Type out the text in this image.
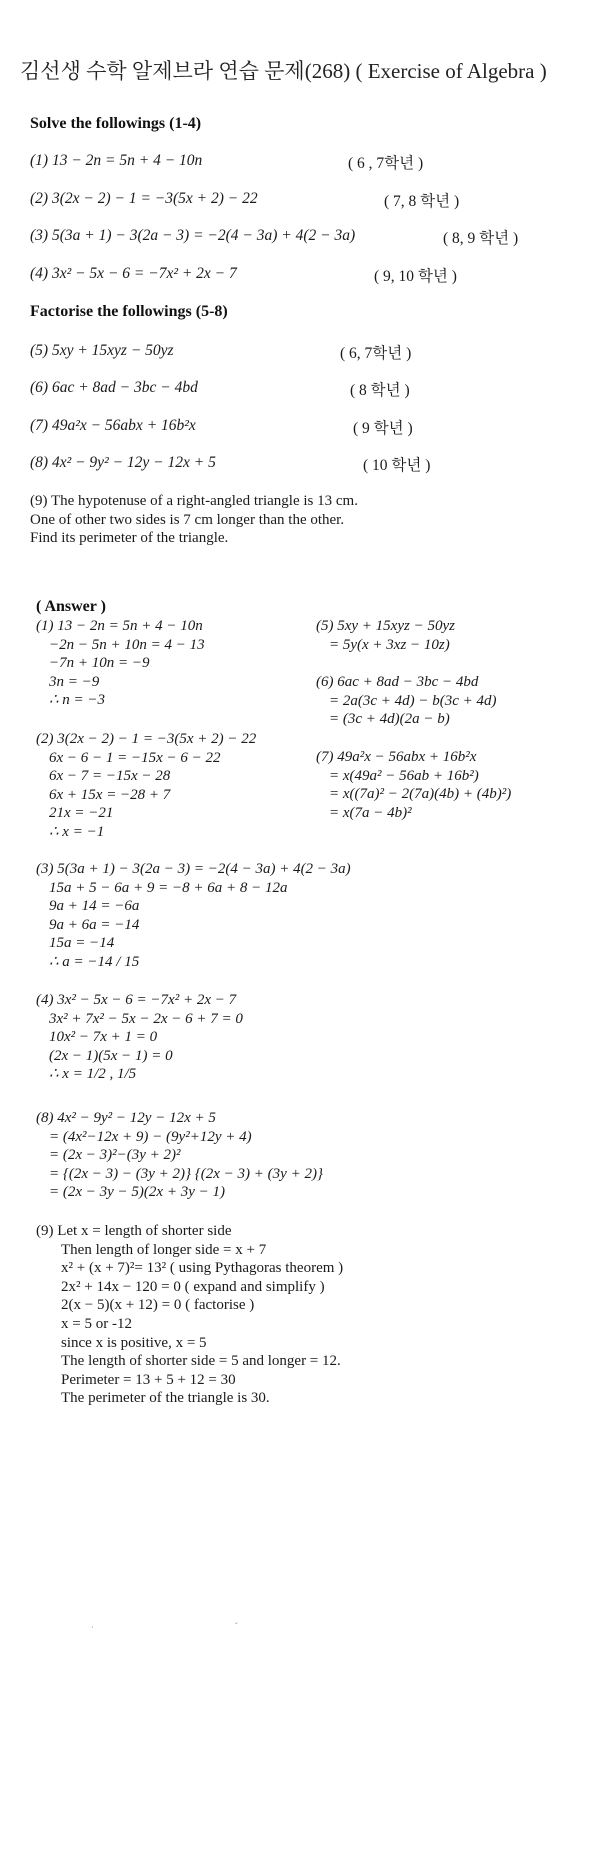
김선생 수학 알제브라 연습 문제(268) ( Exercise of Algebra )
Solve the followings (1-4)
(1) 13 − 2n = 5n + 4 − 10n	( 6 , 7학년 )
(2) 3(2x − 2) − 1 = −3(5x + 2) − 22	( 7, 8 학년 )
(3) 5(3a + 1) − 3(2a − 3) = −2(4 − 3a) + 4(2 − 3a)	( 8, 9 학년 )
(4) 3x² − 5x − 6 = −7x² + 2x − 7	( 9, 10 학년 )
Factorise the followings (5-8)
(5) 5xy + 15xyz − 50yz	( 6, 7학년 )
(6) 6ac + 8ad − 3bc − 4bd	( 8 학년 )
(7) 49a²x − 56abx + 16b²x	( 9 학년 )
(8) 4x² − 9y² − 12y − 12x + 5	( 10 학년 )
(9) The hypotenuse of a right-angled triangle is 13 cm.
One of other two sides is 7 cm longer than the other.
Find its perimeter of the triangle.
( Answer )
(1) 13 − 2n = 5n + 4 − 10n
−2n − 5n + 10n = 4 − 13
−7n + 10n = −9
3n = −9
∴ n = −3
(2) 3(2x − 2) − 1 = −3(5x + 2) − 22
6x − 6 − 1 = −15x − 6 − 22
6x − 7 = −15x − 28
6x + 15x = −28 + 7
21x = −21
∴ x = −1
(5) 5xy + 15xyz − 50yz
= 5y(x + 3xz − 10z)
(6) 6ac + 8ad − 3bc − 4bd
= 2a(3c + 4d) − b(3c + 4d)
= (3c + 4d)(2a − b)
(7) 49a²x − 56abx + 16b²x
= x(49a² − 56ab + 16b²)
= x((7a)² − 2(7a)(4b) + (4b)²)
= x(7a − 4b)²
(3) 5(3a + 1) − 3(2a − 3) = −2(4 − 3a) + 4(2 − 3a)
15a + 5 − 6a + 9 = −8 + 6a + 8 − 12a
9a + 14 = −6a
9a + 6a = −14
15a = −14
∴ a = −14 / 15
(4) 3x² − 5x − 6 = −7x² + 2x − 7
3x² + 7x² − 5x − 2x − 6 + 7 = 0
10x² − 7x + 1 = 0
(2x − 1)(5x − 1) = 0
∴ x = 1/2 , 1/5
(8) 4x² − 9y² − 12y − 12x + 5
= (4x²−12x + 9) − (9y²+12y + 4)
= (2x − 3)²−(3y + 2)²
= {(2x − 3) − (3y + 2)} {(2x − 3) + (3y + 2)}
= (2x − 3y − 5)(2x + 3y − 1)
(9) Let x = length of shorter side
Then length of longer side = x + 7
x² + (x + 7)²= 13² ( using Pythagoras theorem )
2x² + 14x − 120 = 0 ( expand and simplify )
2(x − 5)(x + 12) = 0 ( factorise )
x = 5 or -12
since x is positive, x = 5
The length of shorter side = 5 and longer = 12.
Perimeter = 13 + 5 + 12 = 30
The perimeter of the triangle is 30.
·	˘
